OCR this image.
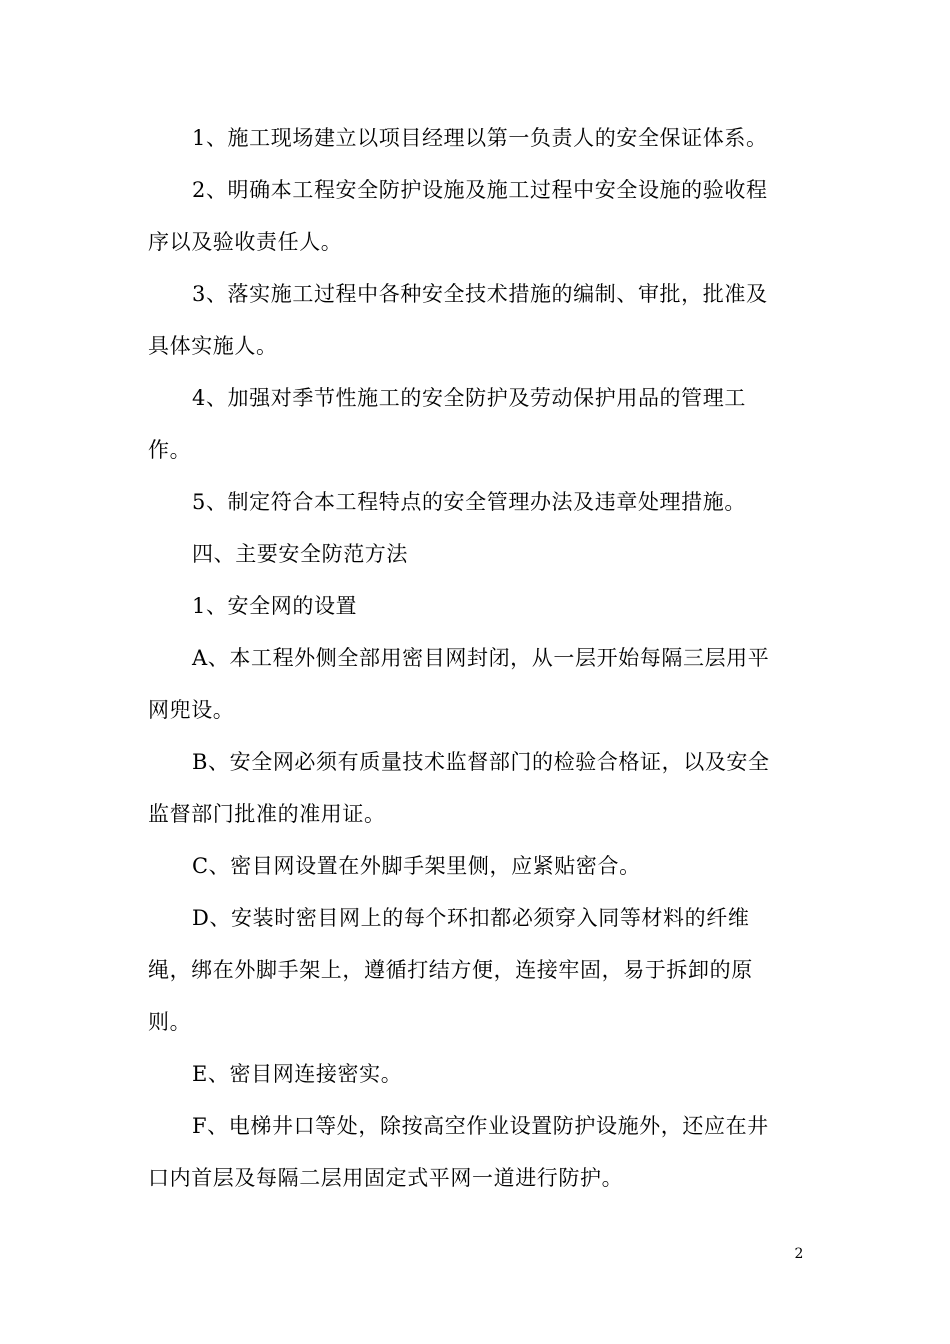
1、施工现场建立以项目经理以第一负责人的安全保证体系。

2、明确本工程安全防护设施及施工过程中安全设施的验收程
序以及验收责任人。

3、落实施工过程中各种安全技术措施的编制、审批，批准及
具体实施人。

4、加强对季节性施工的安全防护及劳动保护用品的管理工
作。

5、制定符合本工程特点的安全管理办法及违章处理措施。

四、主要安全防范方法

1、安全网的设置

A、本工程外侧全部用密目网封闭，从一层开始每隔三层用平
网兜设。

B、安全网必须有质量技术监督部门的检验合格证，以及安全
监督部门批准的准用证。

C、密目网设置在外脚手架里侧，应紧贴密合。

D、安装时密目网上的每个环扣都必须穿入同等材料的纤维
绳，绑在外脚手架上，遵循打结方便，连接牢固，易于拆卸的原
则。

E、密目网连接密实。

F、电梯井口等处，除按高空作业设置防护设施外，还应在井
口内首层及每隔二层用固定式平网一道进行防护。

2
